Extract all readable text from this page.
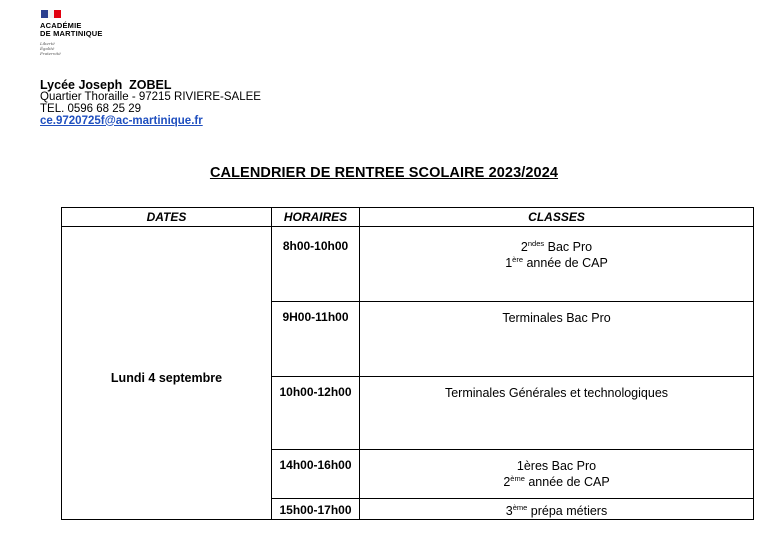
ACADÉMIE
DE MARTINIQUE
Liberté
Égalité
Fraternité
Lycée Joseph  ZOBEL
Quartier Thoraille - 97215 RIVIERE-SALEE
TEL. 0596 68 25 29
ce.9720725f@ac-martinique.fr
CALENDRIER DE RENTREE SCOLAIRE 2023/2024
DATES	HORAIRES	CLASSES
Lundi 4 septembre	8h00-10h00	$2^{ndes}$ Bac Pro
1ère année de CAP

	9H00-11h00	Terminales Bac Pro

	10h00-12h00	Terminales Générales et technologiques

	14h00-16h00	1ères Bac Pro
2ème année de CAP

	15h00-17h00	3ème prépa métiers
